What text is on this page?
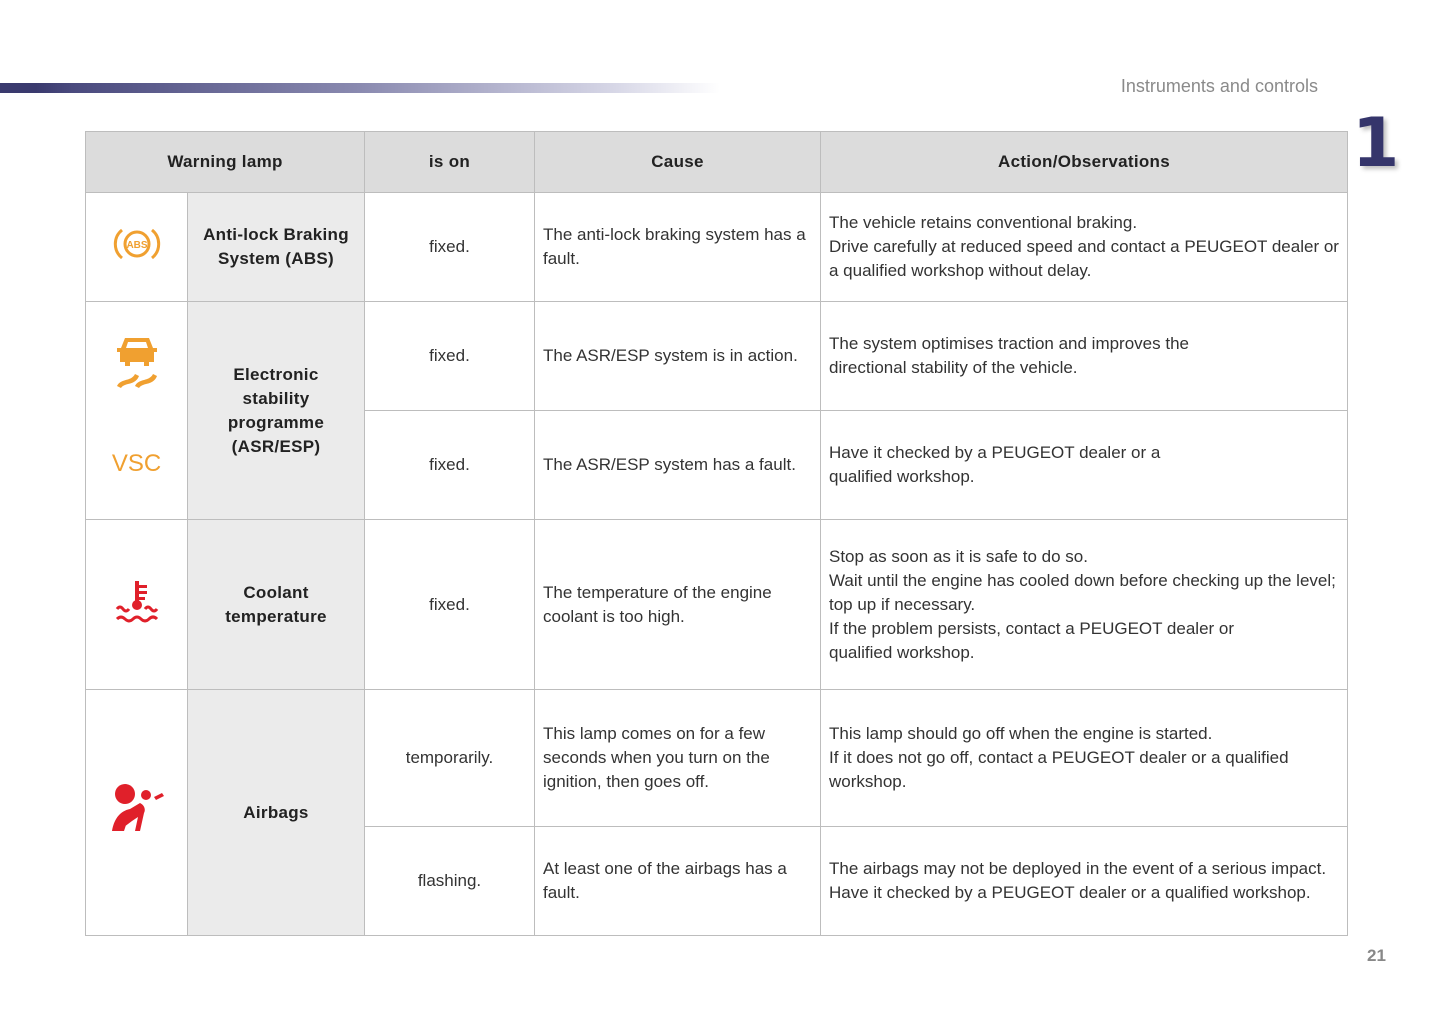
Instruments and controls
1
Warning lamp		is on	Cause	Action/Observations

ABS	Anti-lock Braking System (ABS)	fixed.	The anti-lock braking system has a fault.	The vehicle retains conventional braking.
Drive carefully at reduced speed and contact a PEUGEOT dealer or a qualified workshop without delay.

VSC	Electronic stability programme (ASR/ESP)	fixed.	The ASR/ESP system is in action.	The system optimises traction and improves the directional stability of the vehicle.
		fixed.	The ASR/ESP system has a fault.	Have it checked by a PEUGEOT dealer or a qualified workshop.
	Coolant temperature	fixed.	The temperature of the engine coolant is too high.	Stop as soon as it is safe to do so.
Wait until the engine has cooled down before checking up the level; top up if necessary.
If the problem persists, contact a PEUGEOT dealer or qualified workshop.

	Airbags	temporarily.	This lamp comes on for a few seconds when you turn on the ignition, then goes off.	This lamp should go off when the engine is started.
If it does not go off, contact a PEUGEOT dealer or a qualified workshop.

		flashing.	At least one of the airbags has a fault.	The airbags may not be deployed in the event of a serious impact. Have it checked by a PEUGEOT dealer or a qualified workshop.
21
